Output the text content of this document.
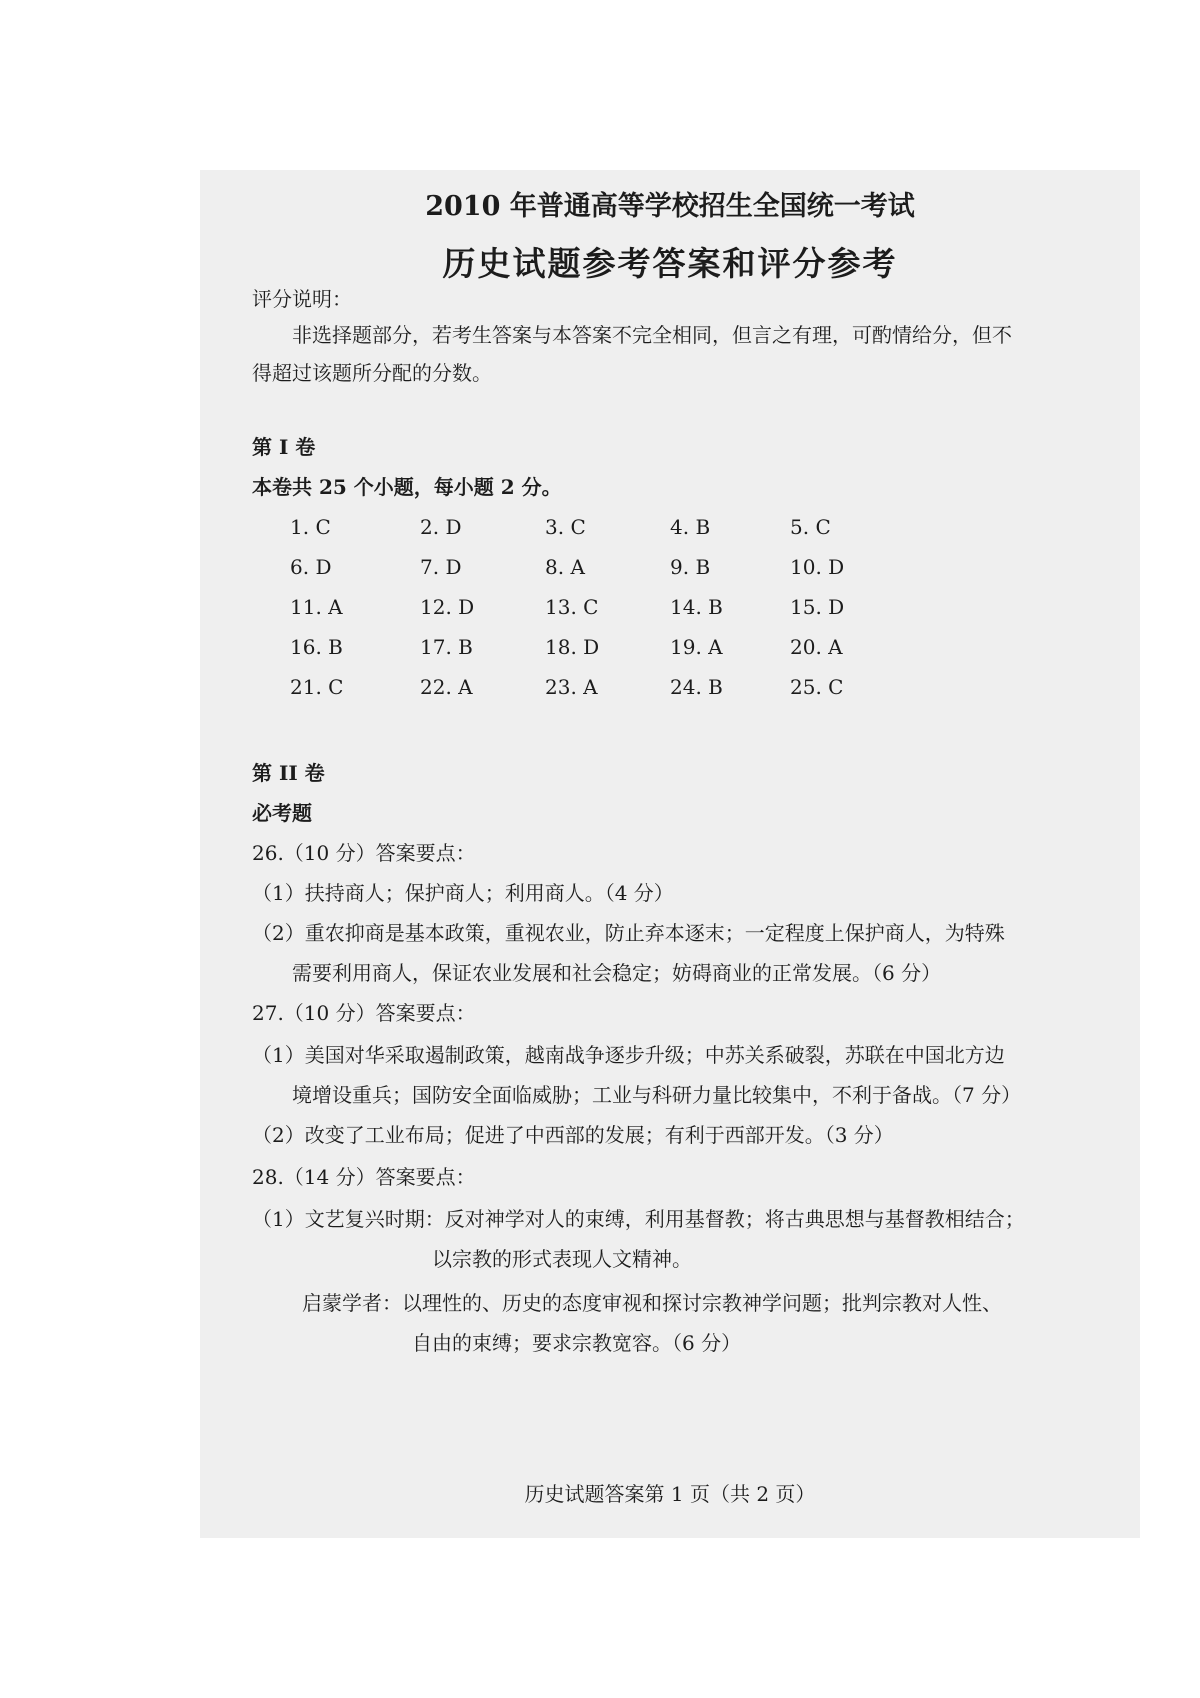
2010 年普通高等学校招生全国统一考试
历史试题参考答案和评分参考
评分说明：
非选择题部分，若考生答案与本答案不完全相同，但言之有理，可酌情给分，但不
得超过该题所分配的分数。
第 I 卷
本卷共 25 个小题，每小题 2 分。
1. C	2. D	3. C	4. B	5. C
6. D	7. D	8. A	9. B	10. D
11. A	12. D	13. C	14. B	15. D
16. B	17. B	18. D	19. A	20. A
21. C	22. A	23. A	24. B	25. C
第 II 卷
必考题
26.（10 分）答案要点：
（1）扶持商人；保护商人；利用商人。（4 分）
（2）重农抑商是基本政策，重视农业，防止弃本逐末；一定程度上保护商人，为特殊
需要利用商人，保证农业发展和社会稳定；妨碍商业的正常发展。（6 分）
27.（10 分）答案要点：
（1）美国对华采取遏制政策，越南战争逐步升级；中苏关系破裂，苏联在中国北方边
境增设重兵；国防安全面临威胁；工业与科研力量比较集中，不利于备战。（7 分）
（2）改变了工业布局；促进了中西部的发展；有利于西部开发。（3 分）
28.（14 分）答案要点：
（1）文艺复兴时期：反对神学对人的束缚，利用基督教；将古典思想与基督教相结合；
以宗教的形式表现人文精神。
启蒙学者：以理性的、历史的态度审视和探讨宗教神学问题；批判宗教对人性、
自由的束缚；要求宗教宽容。（6 分）
历史试题答案第 1 页（共 2 页）
